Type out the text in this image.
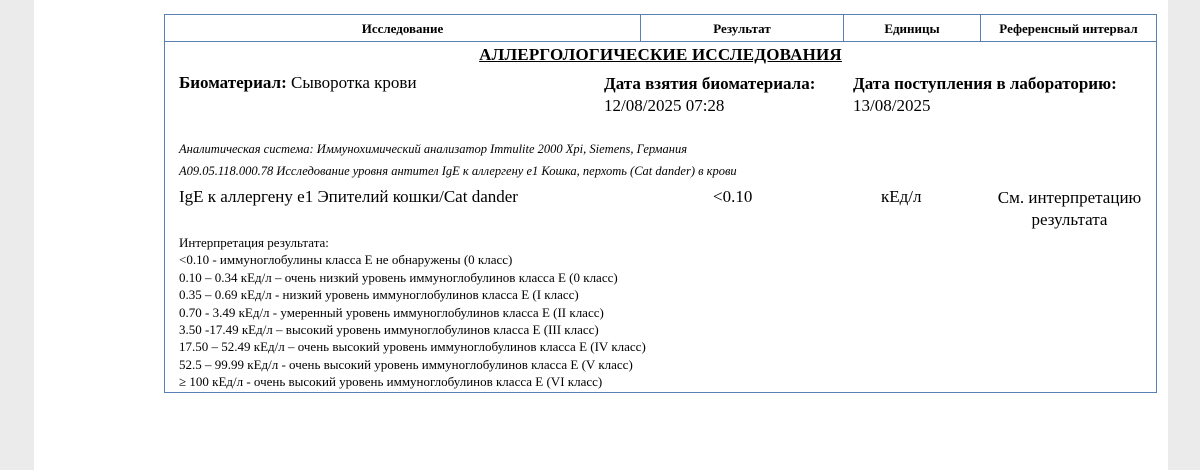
Исследование	Результат	Единицы	Референсный интервал
АЛЛЕРГОЛОГИЧЕСКИЕ ИССЛЕДОВАНИЯ
Биоматериал: Сыворотка крови	Дата взятия биоматериала:
12/08/2025 07:28
Дата поступления в лабораторию:
13/08/2025
Аналитическая система: Иммунохимический анализатор Immulite 2000 Xpi, Siemens, Германия
A09.05.118.000.78 Исследование уровня антител IgE к аллергену e1 Кошка, перхоть (Cat dander) в крови
IgE к аллергену e1 Эпителий кошки/Cat dander	<0.10	кЕд/л	См. интерпретацию
результата
Интерпретация результата:
<0.10 - иммуноглобулины класса E не обнаружены (0 класс)
0.10 – 0.34 кЕд/л – очень низкий уровень иммуноглобулинов класса E (0 класс)
0.35 – 0.69 кЕд/л - низкий уровень иммуноглобулинов класса E (I класс)
0.70 - 3.49 кЕд/л - умеренный уровень иммуноглобулинов класса E (II класс)
3.50 -17.49 кЕд/л – высокий уровень иммуноглобулинов класса E (III класс)
17.50 – 52.49 кЕд/л – очень высокий уровень иммуноглобулинов класса E (IV класс)
52.5 – 99.99 кЕд/л - очень высокий уровень иммуноглобулинов класса E (V класс)
≥ 100 кЕд/л - очень высокий уровень иммуноглобулинов класса E (VI класс)
